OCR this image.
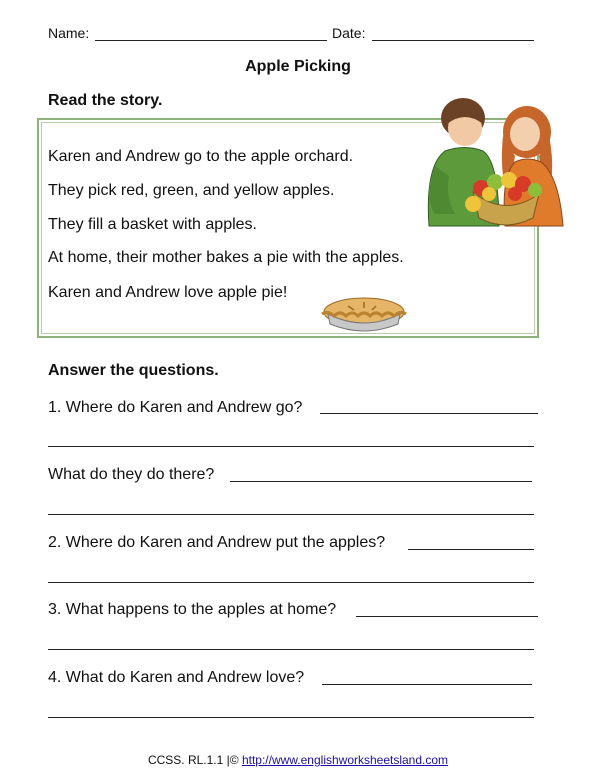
Name:	Date:
Apple Picking
Read the story.
Karen and Andrew go to the apple orchard.
They pick red, green, and yellow apples.
They fill a basket with apples.
At home, their mother bakes a pie with the apples.
Karen and Andrew love apple pie!
Answer the questions.
1. Where do Karen and Andrew go?
What do they do there?
2. Where do Karen and Andrew put the apples?
3. What happens to the apples at home?
4. What do Karen and Andrew love?
CCSS. RL.1.1 |© http://www.englishworksheetsland.com
